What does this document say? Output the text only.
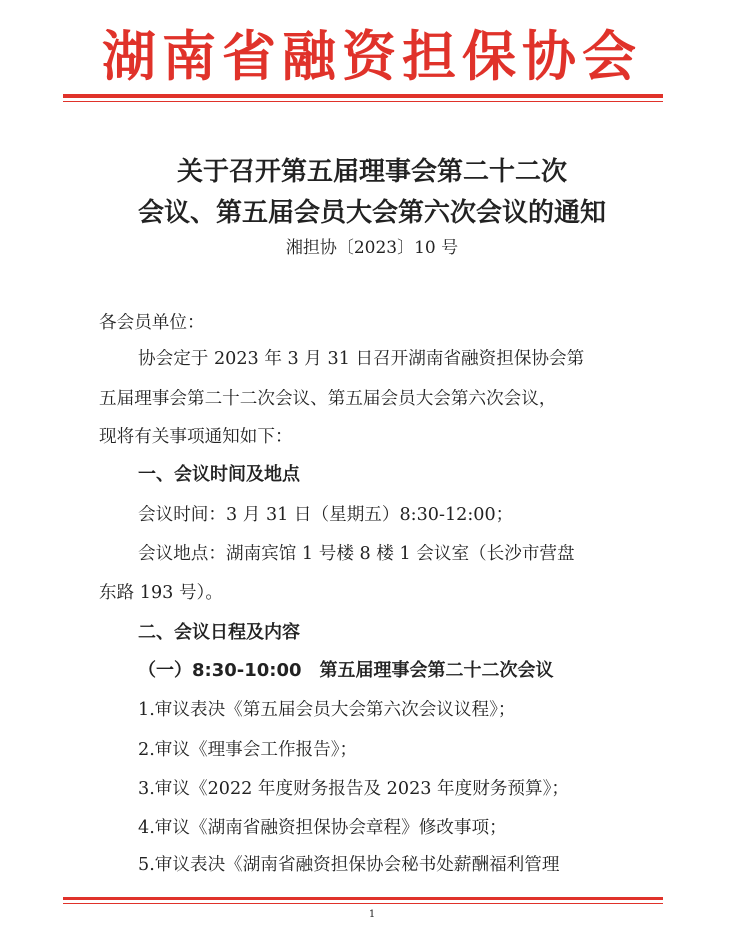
湖南省融资担保协会
关于召开第五届理事会第二十二次
会议、第五届会员大会第六次会议的通知
湘担协〔2023〕10 号
各会员单位：
协会定于 2023 年 3 月 31 日召开湖南省融资担保协会第
五届理事会第二十二次会议、第五届会员大会第六次会议，
现将有关事项通知如下：
一、会议时间及地点
会议时间：3 月 31 日（星期五）8:30-12:00；
会议地点：湖南宾馆 1 号楼 8 楼 1 会议室（长沙市营盘
东路 193 号）。
二、会议日程及内容
（一）8:30-10:00　第五届理事会第二十二次会议
1.审议表决《第五届会员大会第六次会议议程》；
2.审议《理事会工作报告》；
3.审议《2022 年度财务报告及 2023 年度财务预算》；
4.审议《湖南省融资担保协会章程》修改事项；
5.审议表决《湖南省融资担保协会秘书处薪酬福利管理
1
